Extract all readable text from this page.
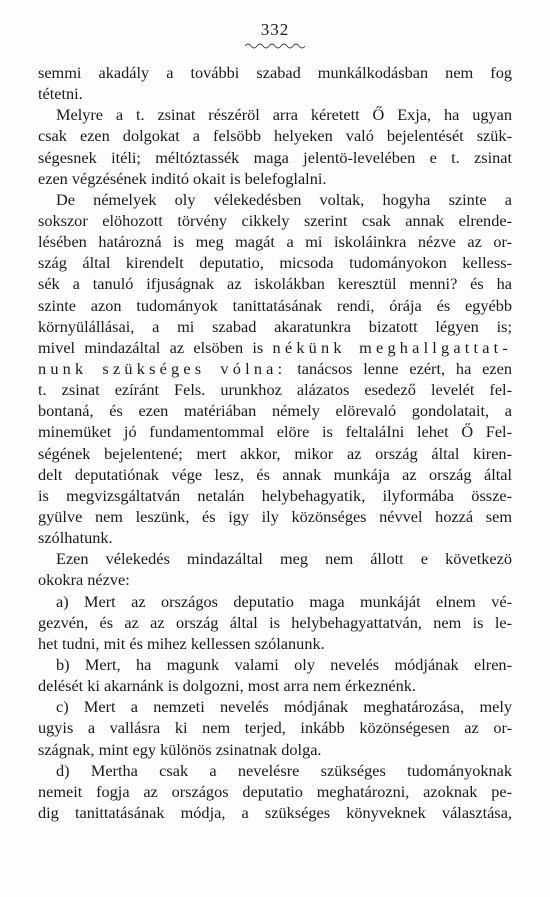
332
semmi akadály a további szabad munkálkodásban nem fog
tétetni.
Melyre a t. zsinat részéröl arra kéretett Ő Exja, ha ugyan
csak ezen dolgokat a felsöbb helyeken való bejelentését szük-
ségesnek itéli; méltóztassék maga jelentö-levelében e t. zsinat
ezen végzésének inditó okait is belefoglalni.
De némelyek oly vélekedésben voltak, hogyha szinte a
sokszor elöhozott törvény cikkely szerint csak annak elrende-
lésében határozná is meg magát a mi iskoláinkra nézve az or-
szág által kirendelt deputatio, micsoda tudományokon kelless-
sék a tanuló ifjuságnak az iskolákban keresztül menni? és ha
szinte azon tudományok tanittatásának rendi, órája és egyébb
környülállásai, a mi szabad akaratunkra bizatott légyen is;
mivel mindazáltal az elsöben is nékünk meghallgattat-
nunk szükséges vólna: tanácsos lenne ezért, ha ezen
t. zsinat ezíránt Fels. urunkhoz alázatos esedező levelét fel-
bontaná, és ezen matériában némely elörevaló gondolatait, a
minemüket jó fundamentommal elöre is feltaláIni lehet Ő Fel-
ségének bejelentené; mert akkor, mikor az ország által kiren-
delt deputatiónak vége lesz, és annak munkája az ország által
is megvizsgáltatván netalán helybehagyatik, ilyformába össze-
gyülve nem leszünk, és igy ily közönséges névvel hozzá sem
szólhatunk.
Ezen vélekedés mindazáltal meg nem állott e következö
okokra nézve:
a) Mert az országos deputatio maga munkáját elnem vé-
gezvén, és az az ország által is helybehagyattatván, nem is le-
het tudni, mit és mihez kellessen szólanunk.
b) Mert, ha magunk valami oly nevelés módjának elren-
delését ki akarnánk is dolgozni, most arra nem érkeznénk.
c) Mert a nemzeti nevelés módjának meghatározása, mely
ugyis a vallásra ki nem terjed, inkább közönségesen az or-
szágnak, mint egy különös zsinatnak dolga.
d) Mertha csak a nevelésre szükséges tudományoknak
nemeit fogja az országos deputatio meghatározni, azoknak pe-
dig tanittatásának módja, a szükséges könyveknek választása,
